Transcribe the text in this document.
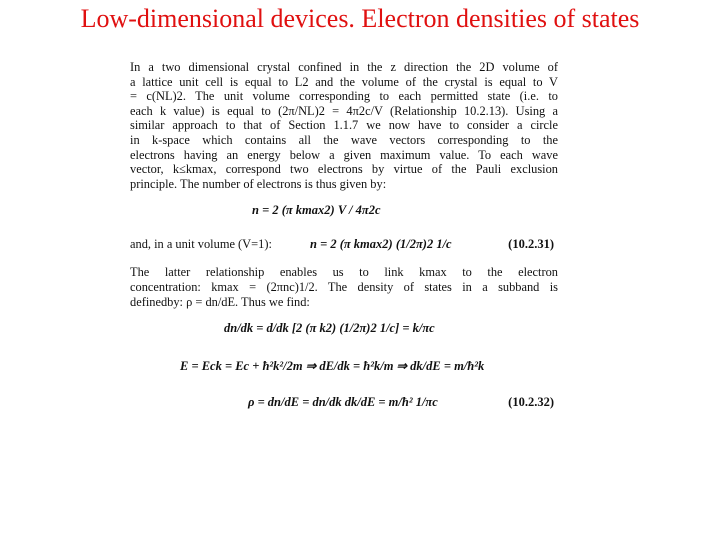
Low-dimensional devices. Electron densities of states
In a two dimensional crystal confined in the z direction the 2D volume of
a lattice unit cell is equal to L2 and the volume of the crystal is equal to V
= c(NL)2. The unit volume corresponding to each permitted state (i.e. to
each k value) is equal to (2π/NL)2 = 4π2c/V (Relationship 10.2.13). Using a
similar approach to that of Section 1.1.7 we now have to consider a circle
in k-space which contains all the wave vectors corresponding to the
electrons having an energy below a given maximum value. To each wave
vector, k≤kmax, correspond two electrons by virtue of the Pauli exclusion
principle. The number of electrons is thus given by:
n = 2 (π kmax2) V / 4π2c
and, in a unit volume (V=1):	n = 2 (π kmax2) (1/2π)2 1/c	(10.2.31)
The latter relationship enables us to link kmax to the electron
concentration: kmax = (2πnc)1/2. The density of states in a subband is
definedby: ρ = dn/dE. Thus we find:
dn/dk = d/dk [2 (π k2) (1/2π)2 1/c] = k/πc
E = Eck = Ec + ħ²k²/2m ⇒ dE/dk = ħ²k/m ⇒ dk/dE = m/ħ²k
ρ = dn/dE = dn/dk dk/dE = m/ħ² 1/πc	(10.2.32)
